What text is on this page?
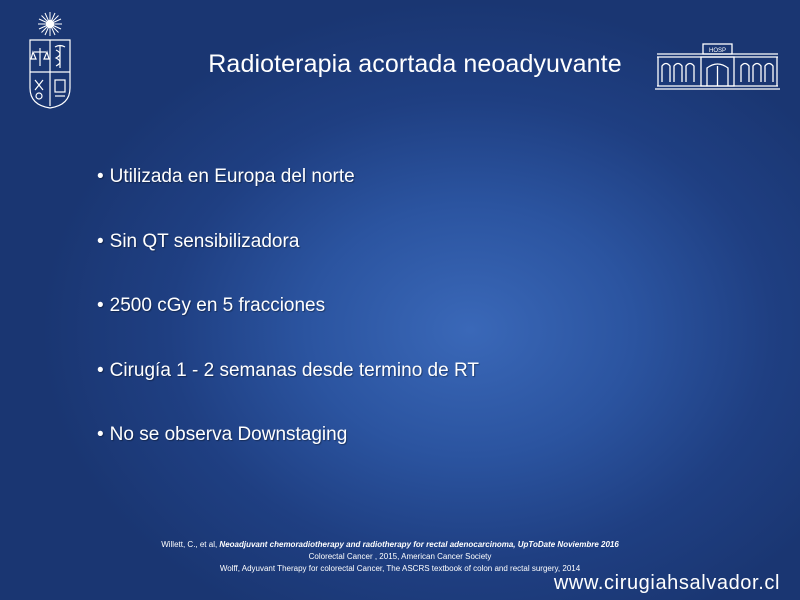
Radioterapia acortada neoadyuvante	HOSP
• Utilizada en Europa del norte
• Sin QT sensibilizadora
• 2500 cGy en 5 fracciones
• Cirugía 1 - 2 semanas desde termino de RT
• No se observa Downstaging
Willett, C., et al, Neoadjuvant chemoradiotherapy and radiotherapy for rectal adenocarcinoma, UpToDate Noviembre 2016
Colorectal Cancer , 2015, American Cancer Society
Wolff, Adyuvant Therapy for colorectal Cancer, The ASCRS textbook of colon and rectal surgery, 2014
www.cirugiahsalvador.cl
